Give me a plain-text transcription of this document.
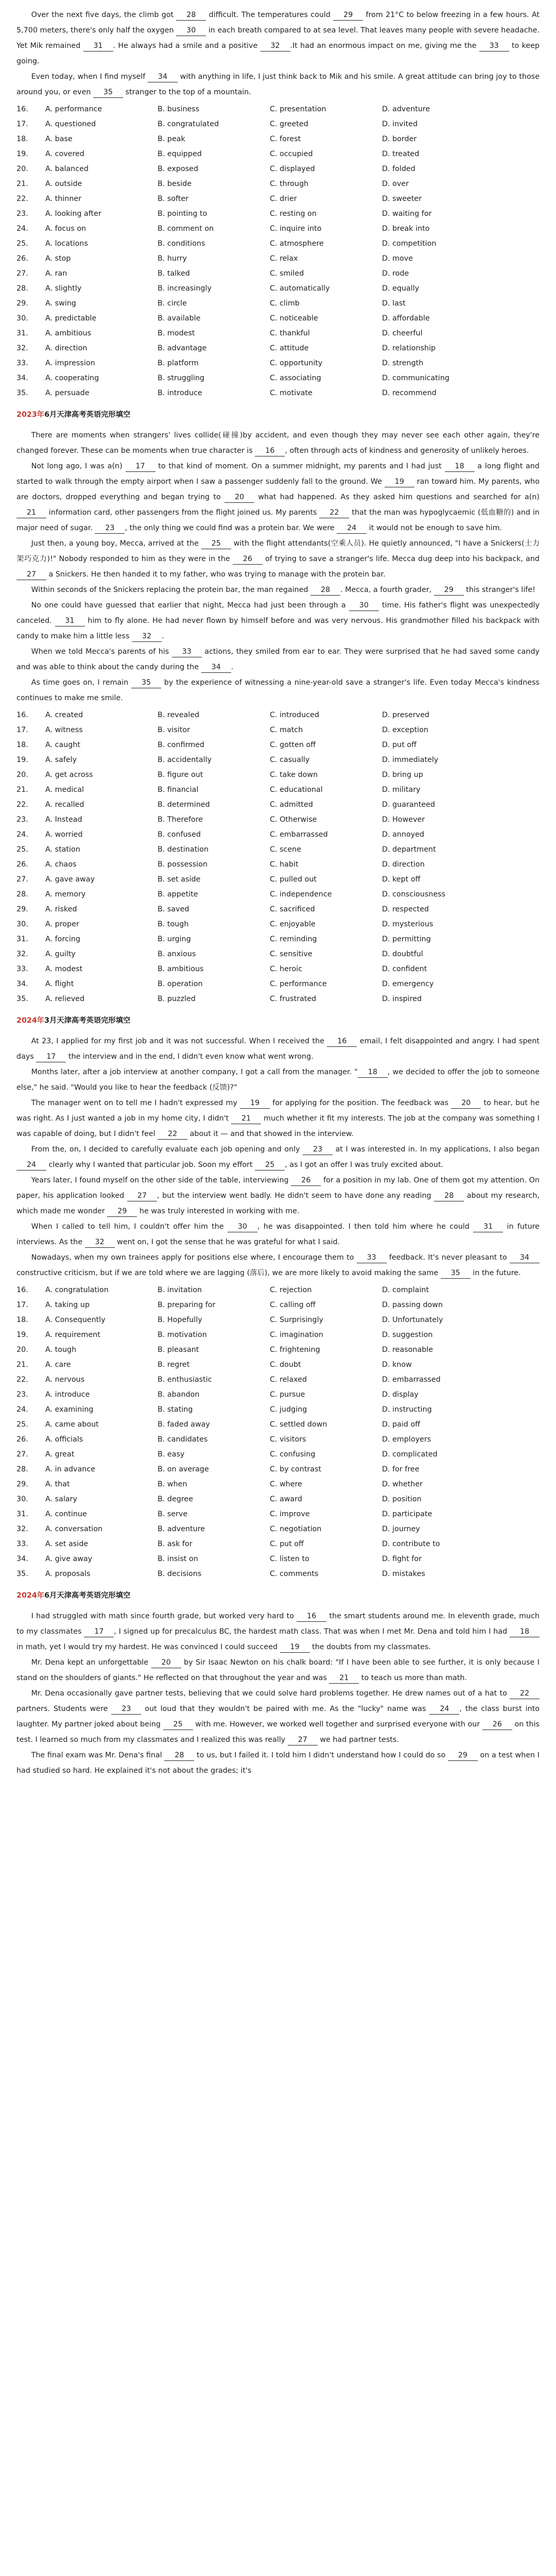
Over the next five days, the climb got 28 difficult. The temperatures could 29 from 21°C to below freezing in a few hours. At 5,700 meters, there's only half the oxygen 30 in each breath compared to at sea level. That leaves many people with severe headache. Yet Mik remained 31 . He always had a smile and a positive 32 .It had an enormous impact on me, giving me the 33 to keep going.

Even today, when I find myself 34 with anything in life, I just think back to Mik and his smile. A great attitude can bring joy to those around you, or even 35 stranger to the top of a mountain.

16.	A. performance	B. business	C. presentation	D. adventure
17.	A. questioned	B. congratulated	C. greeted	D. invited
18.	A. base	B. peak	C. forest	D. border
19.	A. covered	B. equipped	C. occupied	D. treated
20.	A. balanced	B. exposed	C. displayed	D. folded
21.	A. outside	B. beside	C. through	D. over
22.	A. thinner	B. softer	C. drier	D. sweeter
23.	A. looking after	B. pointing to	C. resting on	D. waiting for
24.	A. focus on	B. comment on	C. inquire into	D. break into
25.	A. locations	B. conditions	C. atmosphere	D. competition
26.	A. stop	B. hurry	C. relax	D. move
27.	A. ran	B. talked	C. smiled	D. rode
28.	A. slightly	B. increasingly	C. automatically	D. equally
29.	A. swing	B. circle	C. climb	D. last
30.	A. predictable	B. available	C. noticeable	D. affordable
31.	A. ambitious	B. modest	C. thankful	D. cheerful
32.	A. direction	B. advantage	C. attitude	D. relationship
33.	A. impression	B. platform	C. opportunity	D. strength
34.	A. cooperating	B. struggling	C. associating	D. communicating
35.	A. persuade	B. introduce	C. motivate	D. recommend
2023年6月天津高考英语完形填空

There are moments when strangers' lives collide(碰撞)by accident, and even though they may never see each other again, they're changed forever. These can be moments when true character is 16 , often through acts of kindness and generosity of unlikely heroes.

Not long ago, I was a(n) 17 to that kind of moment. On a summer midnight, my parents and I had just 18 a long flight and started to walk through the empty airport when I saw a passenger suddenly fall to the ground. We 19 ran toward him. My parents, who are doctors, dropped everything and began trying to 20 what had happened. As they asked him questions and searched for a(n) 21 information card, other passengers from the flight joined us. My parents 22 that the man was hypoglycaemic (低血糖的) and in major need of sugar. 23 , the only thing we could find was a protein bar. We were 24 it would not be enough to save him.

Just then, a young boy, Mecca, arrived at the 25 with the flight attendants(空乘人员). He quietly announced, "I have a Snickers(士力架巧克力)!" Nobody responded to him as they were in the 26 of trying to save a stranger's life. Mecca dug deep into his backpack, and 27 a Snickers. He then handed it to my father, who was trying to manage with the protein bar.

Within seconds of the Snickers replacing the protein bar, the man regained 28 . Mecca, a fourth grader, 29 this stranger's life!

No one could have guessed that earlier that night, Mecca had just been through a 30 time. His father's flight was unexpectedly canceled. 31 him to fly alone. He had never flown by himself before and was very nervous. His grandmother filled his backpack with candy to make him a little less 32 .

When we told Mecca's parents of his 33 actions, they smiled from ear to ear. They were surprised that he had saved some candy and was able to think about the candy during the 34 .

As time goes on, I remain 35 by the experience of witnessing a nine-year-old save a stranger's life. Even today Mecca's kindness continues to make me smile.

16.	A. created	B. revealed	C. introduced	D. preserved
17.	A. witness	B. visitor	C. match	D. exception
18.	A. caught	B. confirmed	C. gotten off	D. put off
19.	A. safely	B. accidentally	C. casually	D. immediately
20.	A. get across	B. figure out	C. take down	D. bring up
21.	A. medical	B. financial	C. educational	D. military
22.	A. recalled	B. determined	C. admitted	D. guaranteed
23.	A. Instead	B. Therefore	C. Otherwise	D. However
24.	A. worried	B. confused	C. embarrassed	D. annoyed
25.	A. station	B. destination	C. scene	D. department
26.	A. chaos	B. possession	C. habit	D. direction
27.	A. gave away	B. set aside	C. pulled out	D. kept off
28.	A. memory	B. appetite	C. independence	D. consciousness
29.	A. risked	B. saved	C. sacrificed	D. respected
30.	A. proper	B. tough	C. enjoyable	D. mysterious
31.	A. forcing	B. urging	C. reminding	D. permitting
32.	A. guilty	B. anxious	C. sensitive	D. doubtful
33.	A. modest	B. ambitious	C. heroic	D. confident
34.	A. flight	B. operation	C. performance	D. emergency
35.	A. relieved	B. puzzled	C. frustrated	D. inspired
2024年3月天津高考英语完形填空

At 23, I applied for my first job and it was not successful. When I received the 16 email, I felt disappointed and angry. I had spent days 17 the interview and in the end, I didn't even know what went wrong.

Months later, after a job interview at another company, I got a call from the manager. " 18 , we decided to offer the job to someone else," he said. "Would you like to hear the feedback (反馈)?"

The manager went on to tell me I hadn't expressed my 19 for applying for the position. The feedback was 20 to hear, but he was right. As I just wanted a job in my home city, I didn't 21 much whether it fit my interests. The job at the company was something I was capable of doing, but I didn't feel 22 about it — and that showed in the interview.

From the, on, I decided to carefully evaluate each job opening and only 23 at I was interested in. In my applications, I also began 24 clearly why I wanted that particular job. Soon my effort 25 , as I got an offer I was truly excited about.

Years later, I found myself on the other side of the table, interviewing 26 for a position in my lab. One of them got my attention. On paper, his application looked 27 , but the interview went badly. He didn't seem to have done any reading 28 about my research, which made me wonder 29 he was truly interested in working with me.

When I called to tell him, I couldn't offer him the 30 , he was disappointed. I then told him where he could 31 in future interviews. As the 32 went on, I got the sense that he was grateful for what I said.

Nowadays, when my own trainees apply for positions else where, I encourage them to 33 feedback. It's never pleasant to 34 constructive criticism, but if we are told where we are lagging (落后), we are more likely to avoid making the same 35 in the future.

16.	A. congratulation	B. invitation	C. rejection	D. complaint
17.	A. taking up	B. preparing for	C. calling off	D. passing down
18.	A. Consequently	B. Hopefully	C. Surprisingly	D. Unfortunately
19.	A. requirement	B. motivation	C. imagination	D. suggestion
20.	A. tough	B. pleasant	C. frightening	D. reasonable
21.	A. care	B. regret	C. doubt	D. know
22.	A. nervous	B. enthusiastic	C. relaxed	D. embarrassed
23.	A. introduce	B. abandon	C. pursue	D. display
24.	A. examining	B. stating	C. judging	D. instructing
25.	A. came about	B. faded away	C. settled down	D. paid off
26.	A. officials	B. candidates	C. visitors	D. employers
27.	A. great	B. easy	C. confusing	D. complicated
28.	A. in advance	B. on average	C. by contrast	D. for free
29.	A. that	B. when	C. where	D. whether
30.	A. salary	B. degree	C. award	D. position
31.	A. continue	B. serve	C. improve	D. participate
32.	A. conversation	B. adventure	C. negotiation	D. journey
33.	A. set aside	B. ask for	C. put off	D. contribute to
34.	A. give away	B. insist on	C. listen to	D. fight for
35.	A. proposals	B. decisions	C. comments	D. mistakes
2024年6月天津高考英语完形填空

I had struggled with math since fourth grade, but worked very hard to 16 the smart students around me. In eleventh grade, much to my classmates 17 , I signed up for precalculus BC, the hardest math class. That was when I met Mr. Dena and told him I had 18 in math, yet I would try my hardest. He was convinced I could succeed 19 the doubts from my classmates.

Mr. Dena kept an unforgettable 20 by Sir Isaac Newton on his chalk board: "If I have been able to see further, it is only because I stand on the shoulders of giants." He reflected on that throughout the year and was 21 to teach us more than math.

Mr. Dena occasionally gave partner tests, believing that we could solve hard problems together. He drew names out of a hat to 22 partners. Students were 23 out loud that they wouldn't be paired with me. As the "lucky" name was 24 , the class burst into laughter. My partner joked about being 25 with me. However, we worked well together and surprised everyone with our 26 on this test. I learned so much from my classmates and I realized this was really 27 we had partner tests.

The final exam was Mr. Dena's final 28 to us, but I failed it. I told him I didn't understand how I could do so 29 on a test when I had studied so hard. He explained it's not about the grades; it's
